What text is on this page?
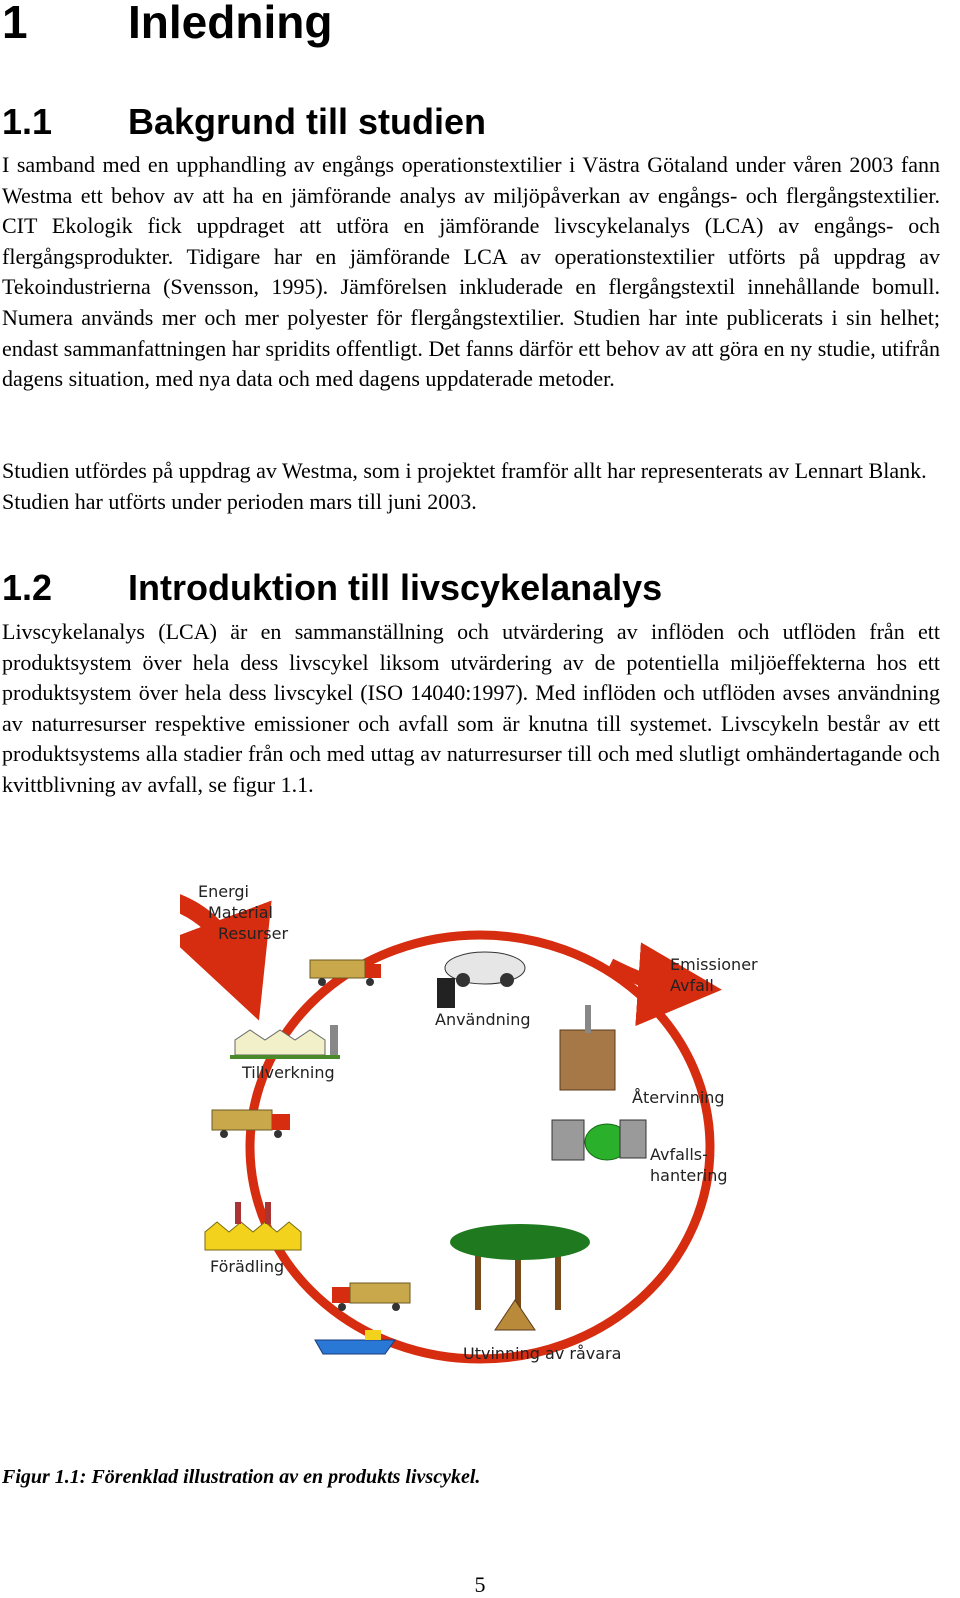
1 Inledning
1.1 Bakgrund till studien

I samband med en upphandling av engångs operationstextilier i Västra Götaland under våren 2003 fann Westma ett behov av att ha en jämförande analys av miljöpåverkan av engångs- och flergångstextilier. CIT Ekologik fick uppdraget att utföra en jämförande livscykelanalys (LCA) av engångs- och flergångsprodukter. Tidigare har en jämförande LCA av operationstextilier utförts på uppdrag av Tekoindustrierna (Svensson, 1995). Jämförelsen inkluderade en flergångstextil innehållande bomull. Numera används mer och mer polyester för flergångstextilier. Studien har inte publicerats i sin helhet; endast sammanfattningen har spridits offentligt. Det fanns därför ett behov av att göra en ny studie, utifrån dagens situation, med nya data och med dagens uppdaterade metoder.

Studien utfördes på uppdrag av Westma, som i projektet framför allt har representerats av Lennart Blank. Studien har utförts under perioden mars till juni 2003.

1.2 Introduktion till livscykelanalys

Livscykelanalys (LCA) är en sammanställning och utvärdering av inflöden och utflöden från ett produktsystem över hela dess livscykel liksom utvärdering av de potentiella miljöeffekterna hos ett produktsystem över hela dess livscykel (ISO 14040:1997). Med inflöden och utflöden avses användning av naturresurser respektive emissioner och avfall som är knutna till systemet. Livscykeln består av ett produktsystems alla stadier från och med uttag av naturresurser till och med slutligt omhändertagande och kvittblivning av avfall, se figur 1.1.

Energi
Material
Resurser
Emissioner
Avfall
Användning
Tillverkning
Återvinning
Avfalls-
hantering
Förädling
Utvinning av råvara

Figur 1.1: Förenklad illustration av en produkts livscykel.

5
